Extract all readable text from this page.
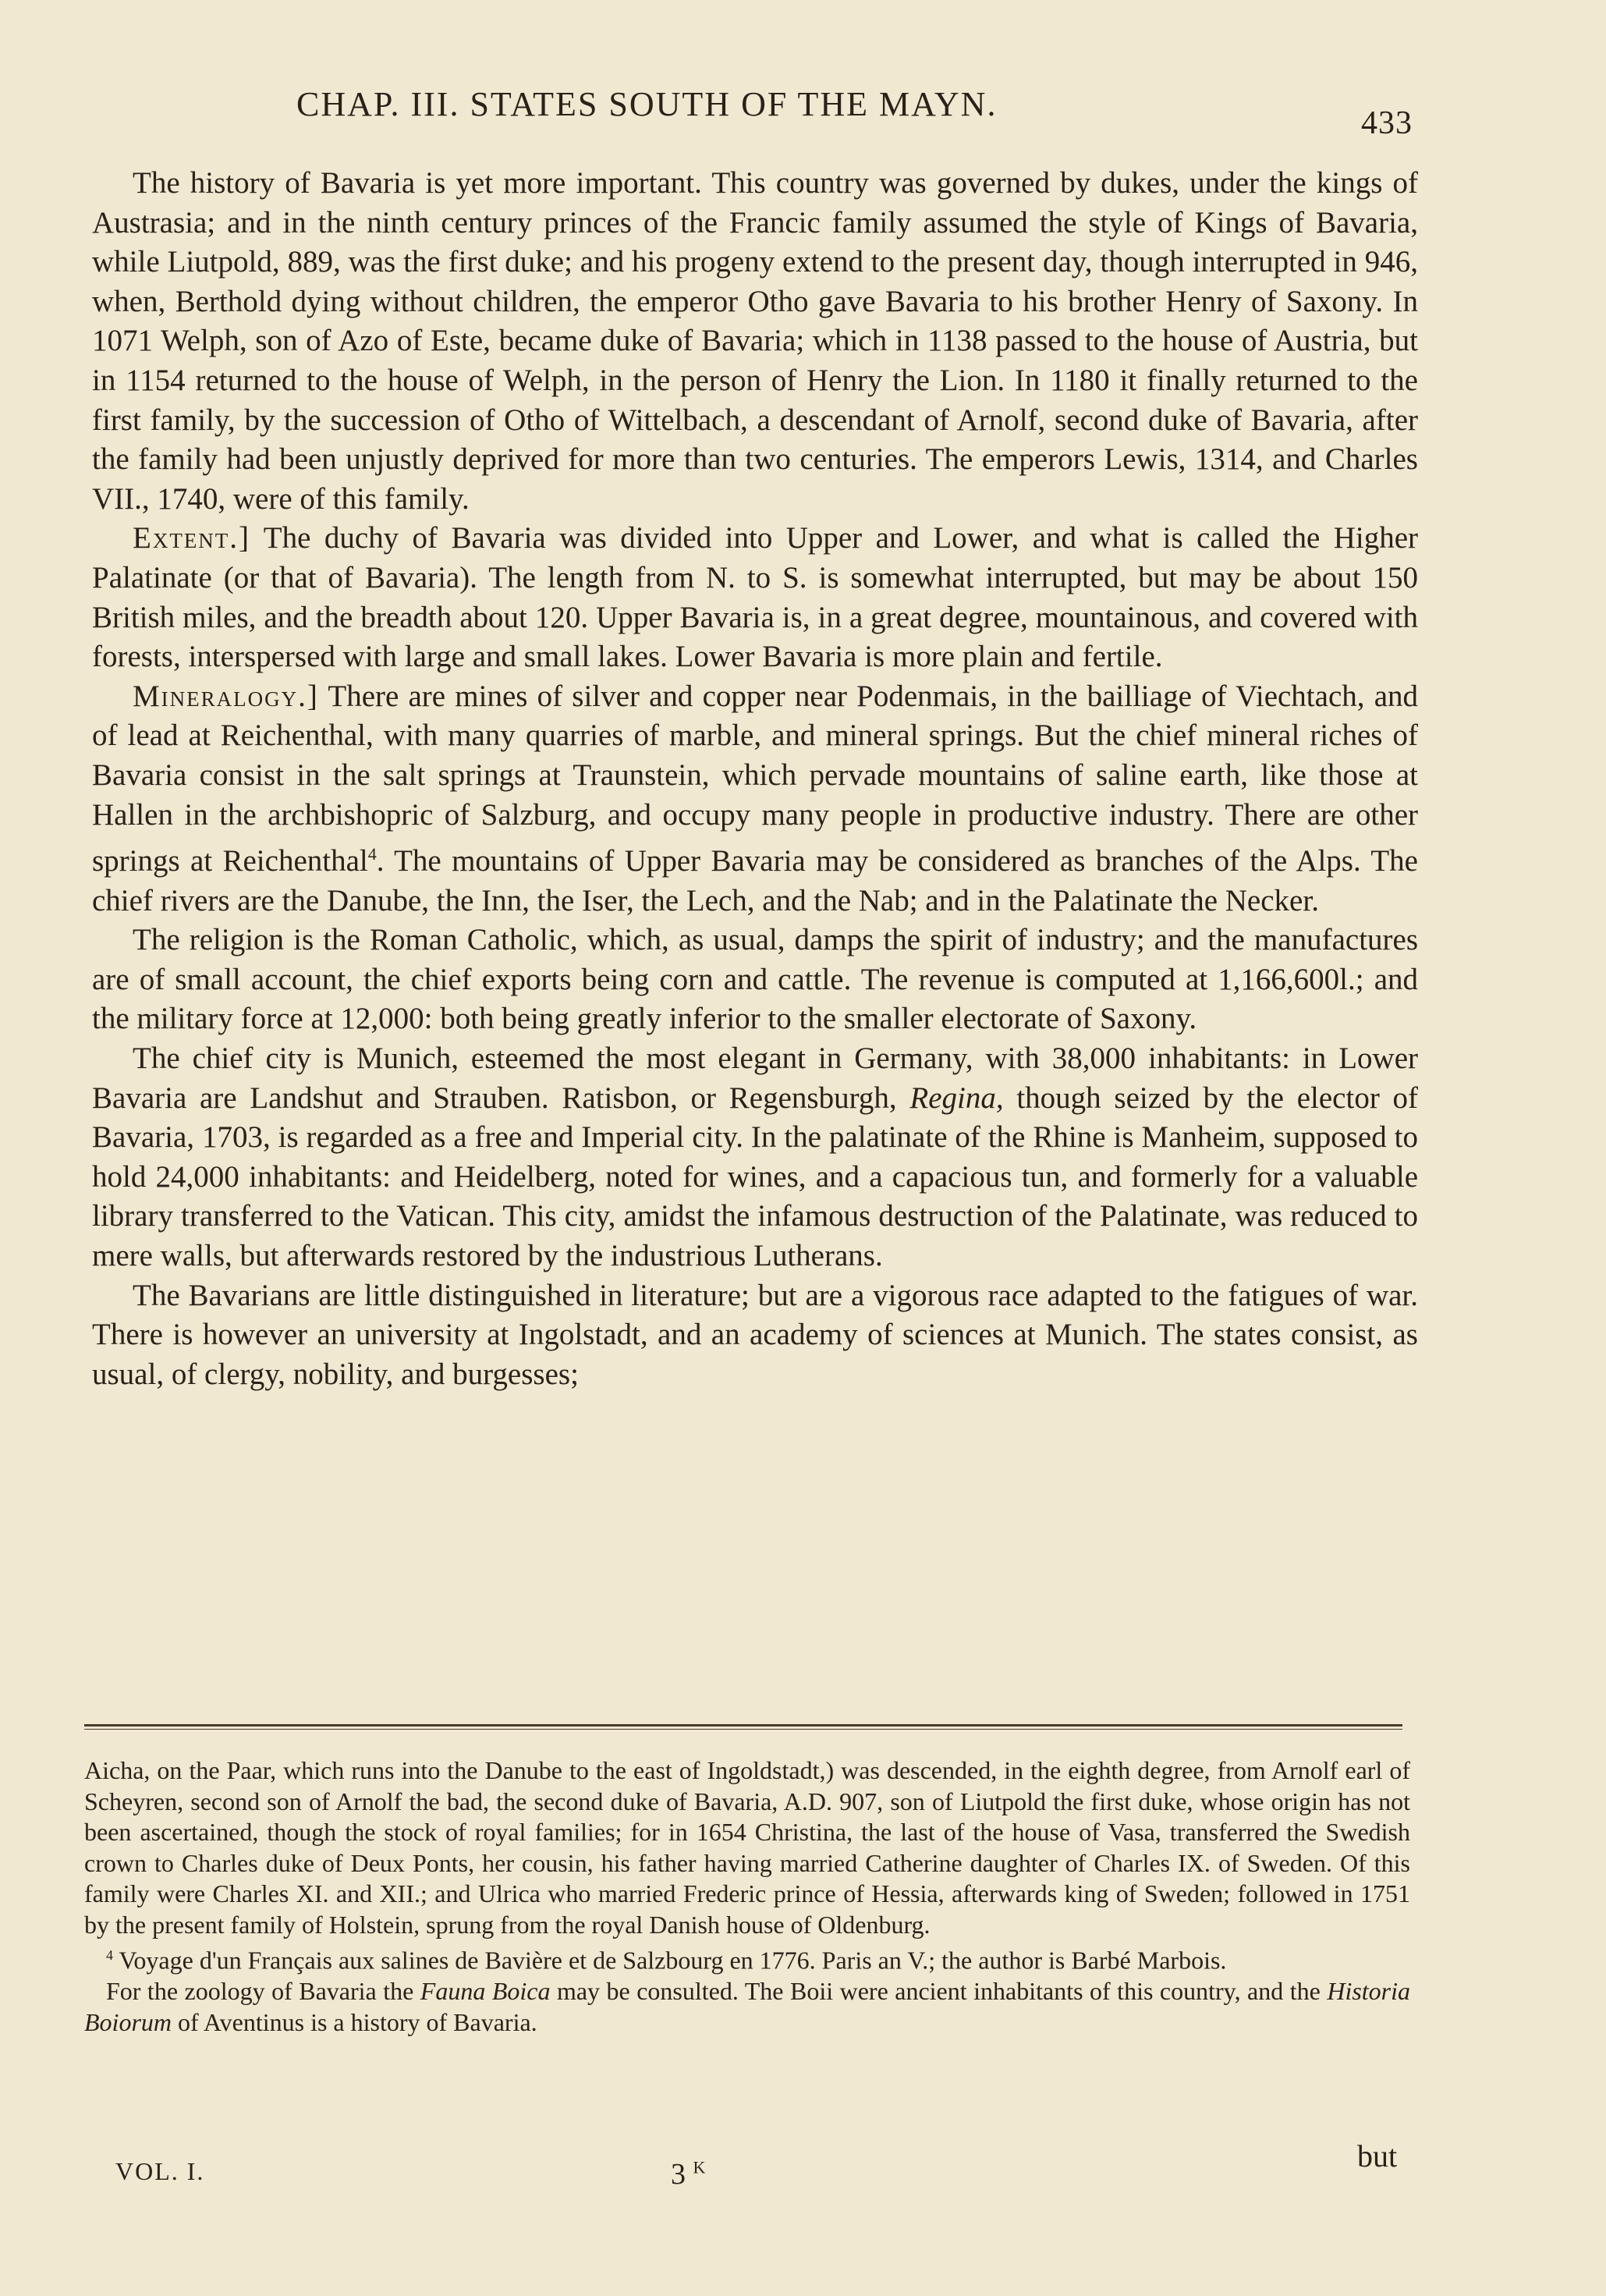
CHAP. III. STATES SOUTH OF THE MAYN.	433

The history of Bavaria is yet more important. This country was governed by dukes, under the kings of Austrasia; and in the ninth century princes of the Francic family assumed the style of Kings of Bavaria, while Liutpold, 889, was the first duke; and his progeny extend to the present day, though interrupted in 946, when, Berthold dying without children, the emperor Otho gave Bavaria to his brother Henry of Saxony. In 1071 Welph, son of Azo of Este, became duke of Bavaria; which in 1138 passed to the house of Austria, but in 1154 returned to the house of Welph, in the person of Henry the Lion. In 1180 it finally returned to the first family, by the succession of Otho of Wittelbach, a descendant of Arnolf, second duke of Bavaria, after the family had been unjustly deprived for more than two centuries. The emperors Lewis, 1314, and Charles VII., 1740, were of this family.

Extent.] The duchy of Bavaria was divided into Upper and Lower, and what is called the Higher Palatinate (or that of Bavaria). The length from N. to S. is somewhat interrupted, but may be about 150 British miles, and the breadth about 120. Upper Bavaria is, in a great degree, mountainous, and covered with forests, interspersed with large and small lakes. Lower Bavaria is more plain and fertile.

Mineralogy.] There are mines of silver and copper near Podenmais, in the bailliage of Viechtach, and of lead at Reichenthal, with many quarries of marble, and mineral springs. But the chief mineral riches of Bavaria consist in the salt springs at Traunstein, which pervade mountains of saline earth, like those at Hallen in the archbishopric of Salzburg, and occupy many people in productive industry. There are other springs at Reichenthal$^4$. The mountains of Upper Bavaria may be considered as branches of the Alps. The chief rivers are the Danube, the Inn, the Iser, the Lech, and the Nab; and in the Palatinate the Necker.

The religion is the Roman Catholic, which, as usual, damps the spirit of industry; and the manufactures are of small account, the chief exports being corn and cattle. The revenue is computed at 1,166,600l.; and the military force at 12,000: both being greatly inferior to the smaller electorate of Saxony.

The chief city is Munich, esteemed the most elegant in Germany, with 38,000 inhabitants: in Lower Bavaria are Landshut and Strauben. Ratisbon, or Regensburgh, Regina, though seized by the elector of Bavaria, 1703, is regarded as a free and Imperial city. In the palatinate of the Rhine is Manheim, supposed to hold 24,000 inhabitants: and Heidelberg, noted for wines, and a capacious tun, and formerly for a valuable library transferred to the Vatican. This city, amidst the infamous destruction of the Palatinate, was reduced to mere walls, but afterwards restored by the industrious Lutherans.

The Bavarians are little distinguished in literature; but are a vigorous race adapted to the fatigues of war. There is however an university at Ingolstadt, and an academy of sciences at Munich. The states consist, as usual, of clergy, nobility, and burgesses;

Aicha, on the Paar, which runs into the Danube to the east of Ingoldstadt,) was descended, in the eighth degree, from Arnolf earl of Scheyren, second son of Arnolf the bad, the second duke of Bavaria, A.D. 907, son of Liutpold the first duke, whose origin has not been ascertained, though the stock of royal families; for in 1654 Christina, the last of the house of Vasa, transferred the Swedish crown to Charles duke of Deux Ponts, her cousin, his father having married Catherine daughter of Charles IX. of Sweden. Of this family were Charles XI. and XII.; and Ulrica who married Frederic prince of Hessia, afterwards king of Sweden; followed in 1751 by the present family of Holstein, sprung from the royal Danish house of Oldenburg.

$^4$ Voyage d'un Français aux salines de Bavière et de Salzbourg en 1776. Paris an V.; the author is Barbé Marbois.

For the zoology of Bavaria the Fauna Boica may be consulted. The Boii were ancient inhabitants of this country, and the Historia Boiorum of Aventinus is a history of Bavaria.

VOL. I.	3 $^K$	but
